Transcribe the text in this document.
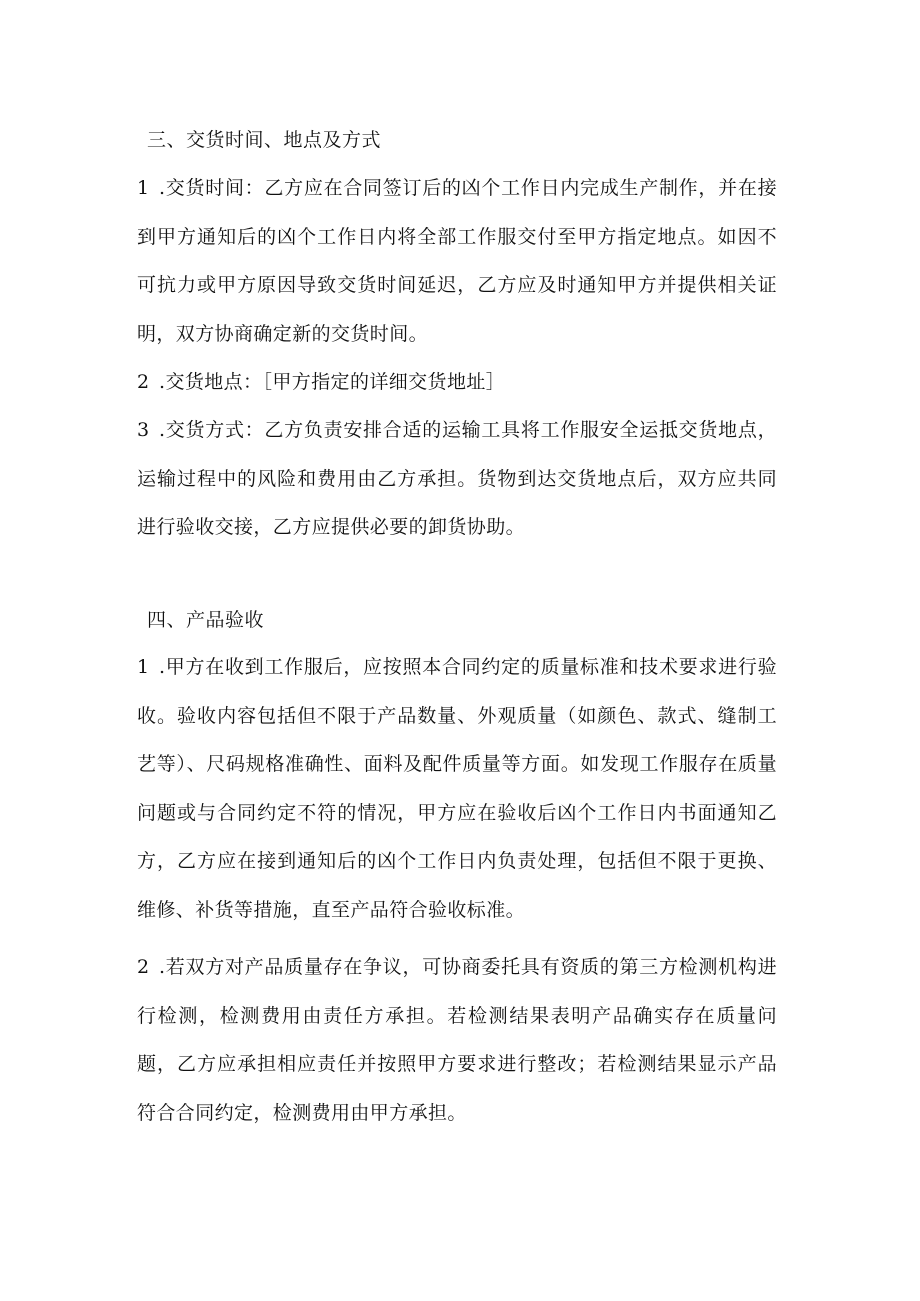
三、交货时间、地点及方式
1 .交货时间：乙方应在合同签订后的凶个工作日内完成生产制作，并在接到甲方通知后的凶个工作日内将全部工作服交付至甲方指定地点。如因不可抗力或甲方原因导致交货时间延迟，乙方应及时通知甲方并提供相关证明，双方协商确定新的交货时间。
2 .交货地点：［甲方指定的详细交货地址］
3 .交货方式：乙方负责安排合适的运输工具将工作服安全运抵交货地点，运输过程中的风险和费用由乙方承担。货物到达交货地点后，双方应共同进行验收交接，乙方应提供必要的卸货协助。
四、产品验收
1 .甲方在收到工作服后，应按照本合同约定的质量标准和技术要求进行验收。验收内容包括但不限于产品数量、外观质量（如颜色、款式、缝制工艺等）、尺码规格准确性、面料及配件质量等方面。如发现工作服存在质量问题或与合同约定不符的情况，甲方应在验收后凶个工作日内书面通知乙方，乙方应在接到通知后的凶个工作日内负责处理，包括但不限于更换、维修、补货等措施，直至产品符合验收标准。
2 .若双方对产品质量存在争议，可协商委托具有资质的第三方检测机构进行检测，检测费用由责任方承担。若检测结果表明产品确实存在质量问题，乙方应承担相应责任并按照甲方要求进行整改；若检测结果显示产品符合合同约定，检测费用由甲方承担。
